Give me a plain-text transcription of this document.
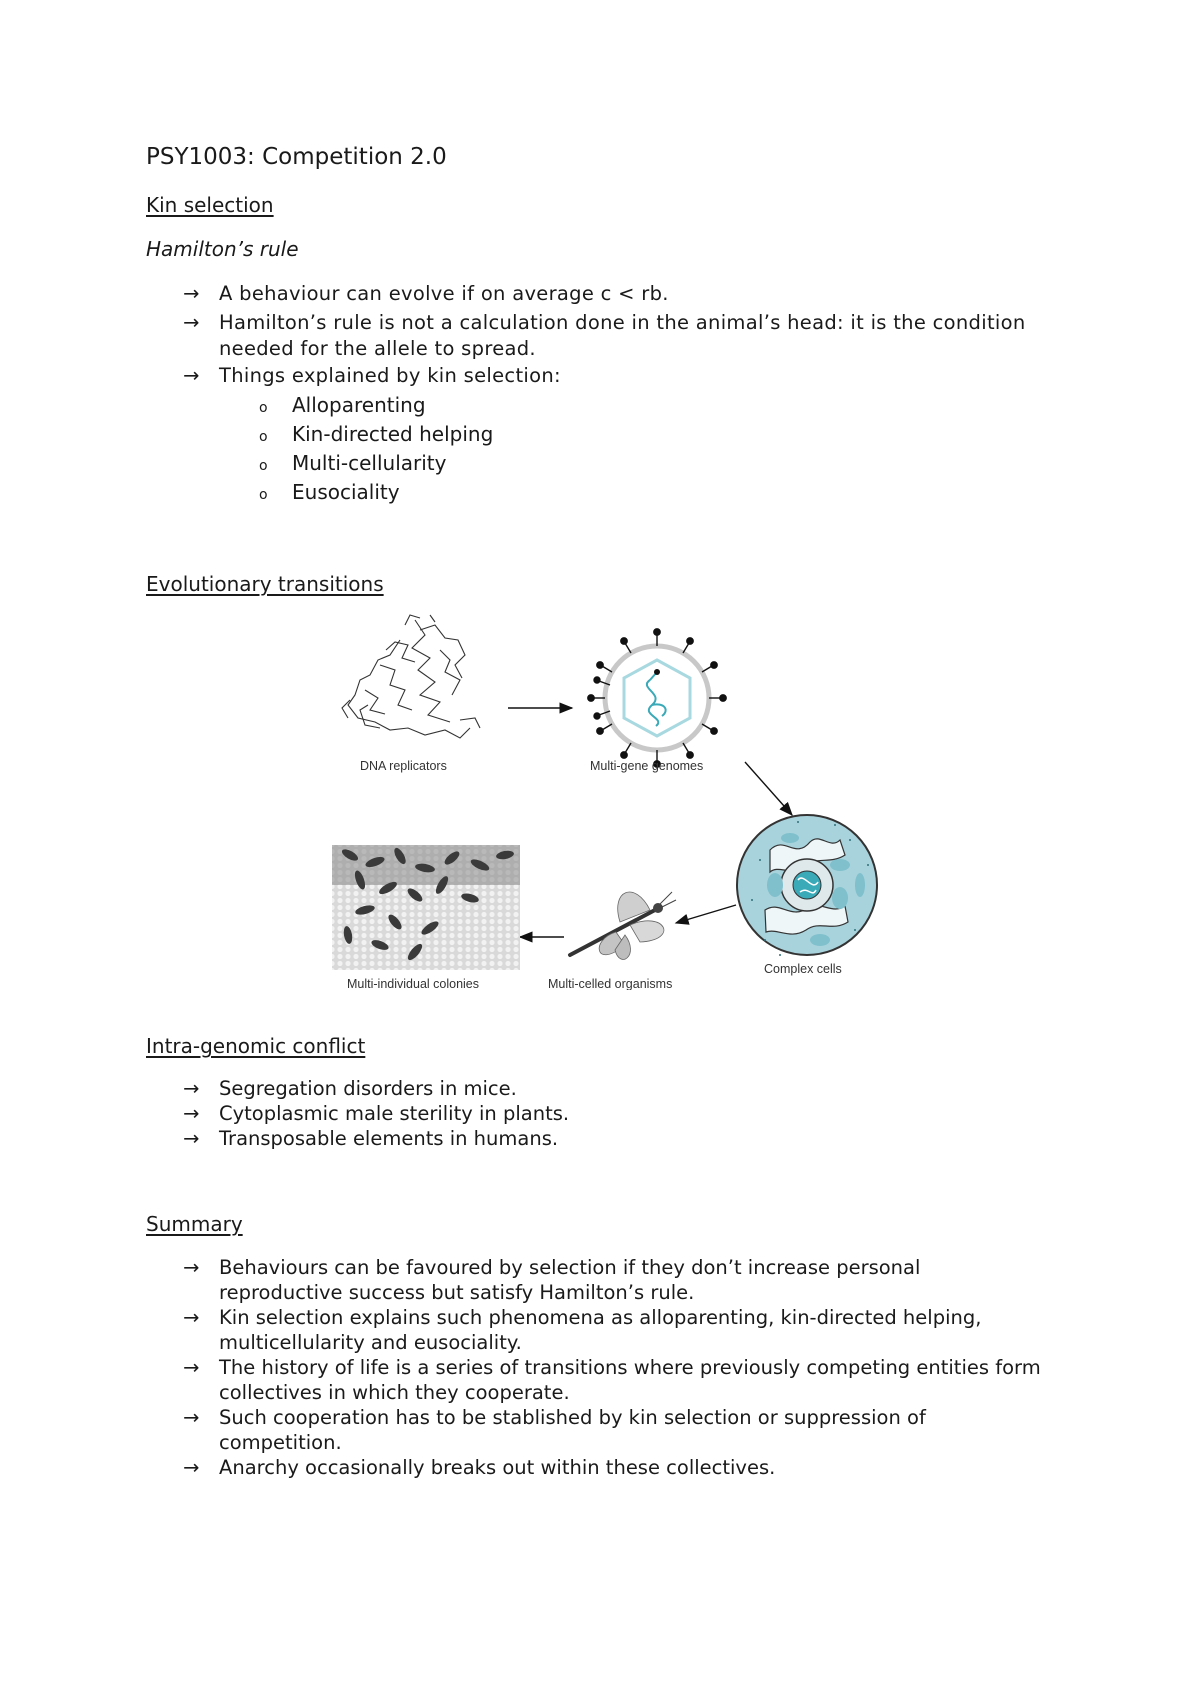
PSY1003: Competition 2.0
Kin selection
Hamilton’s rule
→ A behaviour can evolve if on average c < rb.
→ Hamilton’s rule is not a calculation done in the animal’s head: it is the condition needed for the allele to spread.
→ Things explained by kin selection:
o Alloparenting
o Kin-directed helping
o Multi-cellularity
o Eusociality
Evolutionary transitions
DNA replicators	Multi-gene genomes
Complex cells
Multi-celled organisms
Multi-individual colonies
Intra-genomic conflict
→ Segregation disorders in mice.
→ Cytoplasmic male sterility in plants.
→ Transposable elements in humans.
Summary
→ Behaviours can be favoured by selection if they don’t increase personal reproductive success but satisfy Hamilton’s rule.
→ Kin selection explains such phenomena as alloparenting, kin-directed helping, multicellularity and eusociality.
→ The history of life is a series of transitions where previously competing entities form collectives in which they cooperate.
→ Such cooperation has to be stablished by kin selection or suppression of competition.
→ Anarchy occasionally breaks out within these collectives.
